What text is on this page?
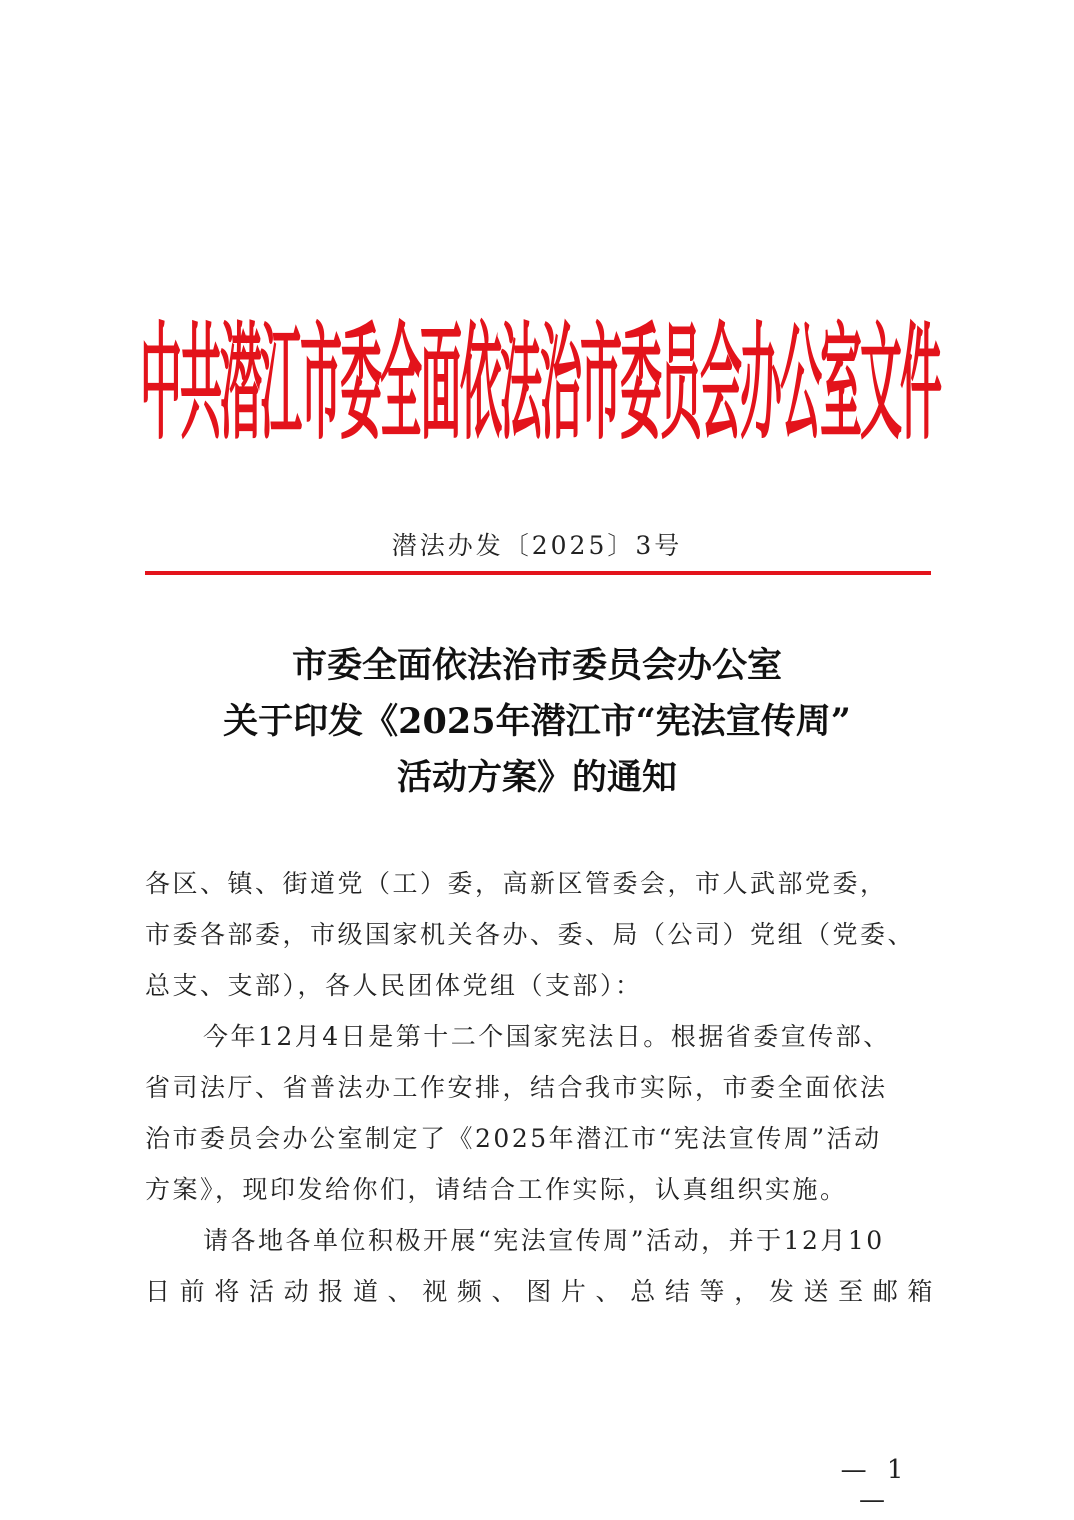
中共潜江市委全面依法治市委员会办公室文件
潜法办发〔2025〕3号
市委全面依法治市委员会办公室
关于印发《2025年潜江市“宪法宣传周”
活动方案》的通知

各区、镇、街道党（工）委，高新区管委会，市人武部党委，

市委各部委，市级国家机关各办、委、局（公司）党组（党委、

总支、支部），各人民团体党组（支部）：

今年12月4日是第十二个国家宪法日。根据省委宣传部、

省司法厅、省普法办工作安排，结合我市实际，市委全面依法

治市委员会办公室制定了《2025年潜江市“宪法宣传周”活动

方案》，现印发给你们，请结合工作实际，认真组织实施。

请各地各单位积极开展“宪法宣传周”活动，并于12月10

日前将活动报道、视频、图片、总结等，发送至邮箱

— 1 —
